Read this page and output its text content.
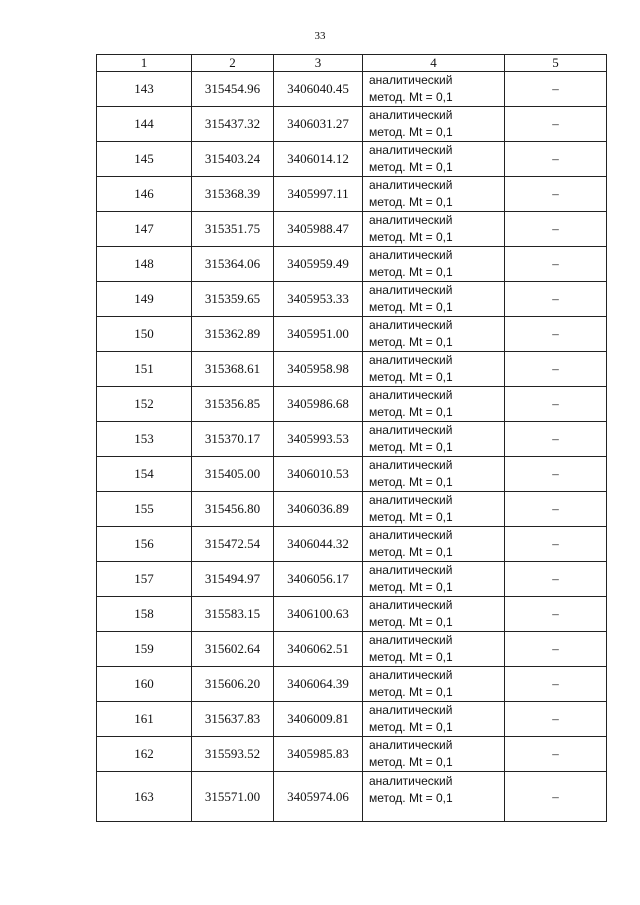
33
1	2	3	4	5
143	315454.96	3406040.45	аналитический
метод. Mt = 0,1	–
144	315437.32	3406031.27	аналитический
метод. Mt = 0,1	–
145	315403.24	3406014.12	аналитический
метод. Mt = 0,1	–
146	315368.39	3405997.11	аналитический
метод. Mt = 0,1	–
147	315351.75	3405988.47	аналитический
метод. Mt = 0,1	–
148	315364.06	3405959.49	аналитический
метод. Mt = 0,1	–
149	315359.65	3405953.33	аналитический
метод. Mt = 0,1	–
150	315362.89	3405951.00	аналитический
метод. Mt = 0,1	–
151	315368.61	3405958.98	аналитический
метод. Mt = 0,1	–
152	315356.85	3405986.68	аналитический
метод. Mt = 0,1	–
153	315370.17	3405993.53	аналитический
метод. Mt = 0,1	–
154	315405.00	3406010.53	аналитический
метод. Mt = 0,1	–
155	315456.80	3406036.89	аналитический
метод. Mt = 0,1	–
156	315472.54	3406044.32	аналитический
метод. Mt = 0,1	–
157	315494.97	3406056.17	аналитический
метод. Mt = 0,1	–
158	315583.15	3406100.63	аналитический
метод. Mt = 0,1	–
159	315602.64	3406062.51	аналитический
метод. Mt = 0,1	–
160	315606.20	3406064.39	аналитический
метод. Mt = 0,1	–
161	315637.83	3406009.81	аналитический
метод. Mt = 0,1	–
162	315593.52	3405985.83	аналитический
метод. Mt = 0,1	–
163	315571.00	3405974.06	аналитический
метод. Mt = 0,1	–
